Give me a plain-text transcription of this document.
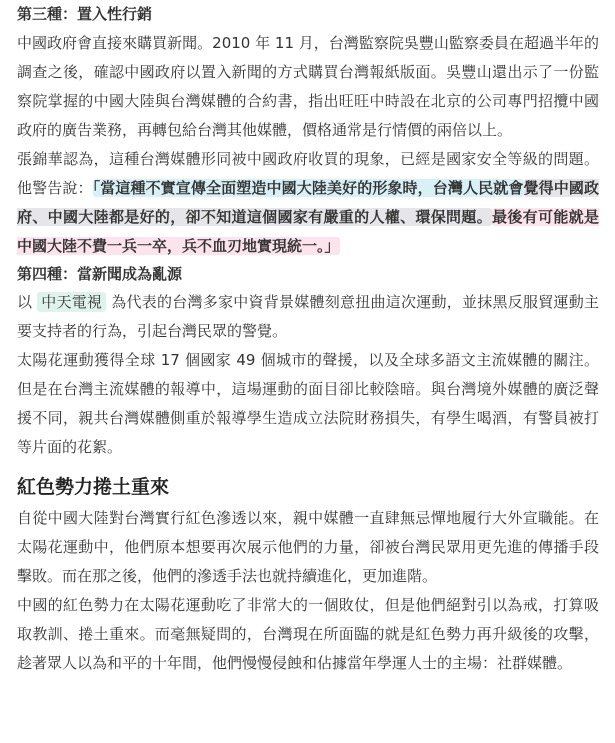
第三種：置入性行銷

中國政府會直接來購買新聞。2010 年 11 月，台灣監察院吳豐山監察委員在超過半年的調查之後，確認中國政府以置入新聞的方式購買台灣報紙版面。吳豐山還出示了一份監察院掌握的中國大陸與台灣媒體的合約書，指出旺旺中時設在北京的公司專門招攬中國政府的廣告業務，再轉包給台灣其他媒體，價格通常是行情價的兩倍以上。

張錦華認為，這種台灣媒體形同被中國政府收買的現象，已經是國家安全等級的問題。他警告說：「當這種不實宣傳全面塑造中國大陸美好的形象時，台灣人民就會覺得中國政府、中國大陸都是好的，卻不知道這個國家有嚴重的人權、環保問題。最後有可能就是中國大陸不費一兵一卒，兵不血刃地實現統一。」

第四種：當新聞成為亂源

以 中天電視 為代表的台灣多家中資背景媒體刻意扭曲這次運動，並抹黑反服貿運動主要支持者的行為，引起台灣民眾的警覺。

太陽花運動獲得全球 17 個國家 49 個城市的聲援，以及全球多語文主流媒體的關注。但是在台灣主流媒體的報導中，這場運動的面目卻比較陰暗。與台灣境外媒體的廣泛聲援不同，親共台灣媒體側重於報導學生造成立法院財務損失，有學生喝酒，有警員被打等片面的花絮。

紅色勢力捲土重來

自從中國大陸對台灣實行紅色滲透以來，親中媒體一直肆無忌憚地履行大外宣職能。在太陽花運動中，他們原本想要再次展示他們的力量，卻被台灣民眾用更先進的傳播手段擊敗。而在那之後，他們的滲透手法也就持續進化，更加進階。

中國的紅色勢力在太陽花運動吃了非常大的一個敗仗，但是他們絕對引以為戒，打算吸取教訓、捲土重來。而毫無疑問的，台灣現在所面臨的就是紅色勢力再升級後的攻擊，趁著眾人以為和平的十年間，他們慢慢侵蝕和佔據當年學運人士的主場：社群媒體。
